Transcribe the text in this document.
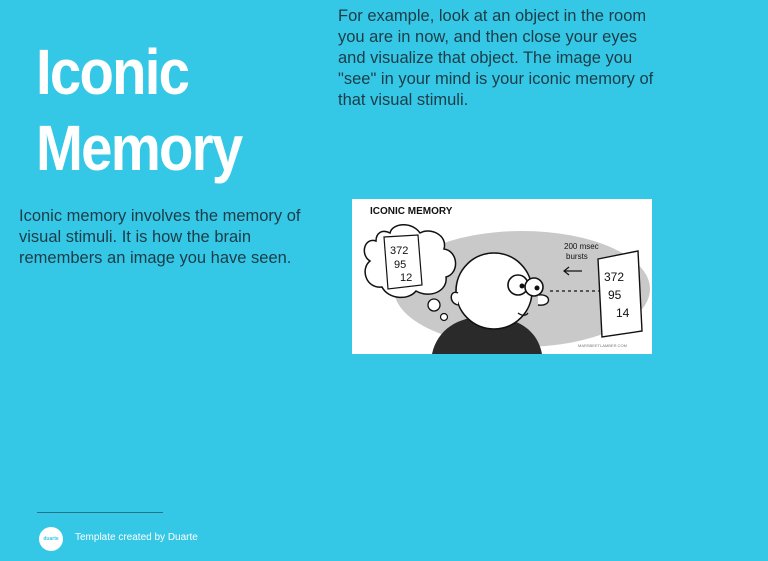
Iconic
Memory
For example, look at an object in the room you are in now, and then close your eyes and visualize that object. The image you "see" in your mind is your iconic memory of that visual stimuli.
Iconic memory involves the memory of visual stimuli. It is how the brain remembers an image you have seen.
ICONIC MEMORY
372
95
12
200 msec
bursts
372
95
14
MARSBEETLAMBER.COM
duarte	Template created by Duarte
